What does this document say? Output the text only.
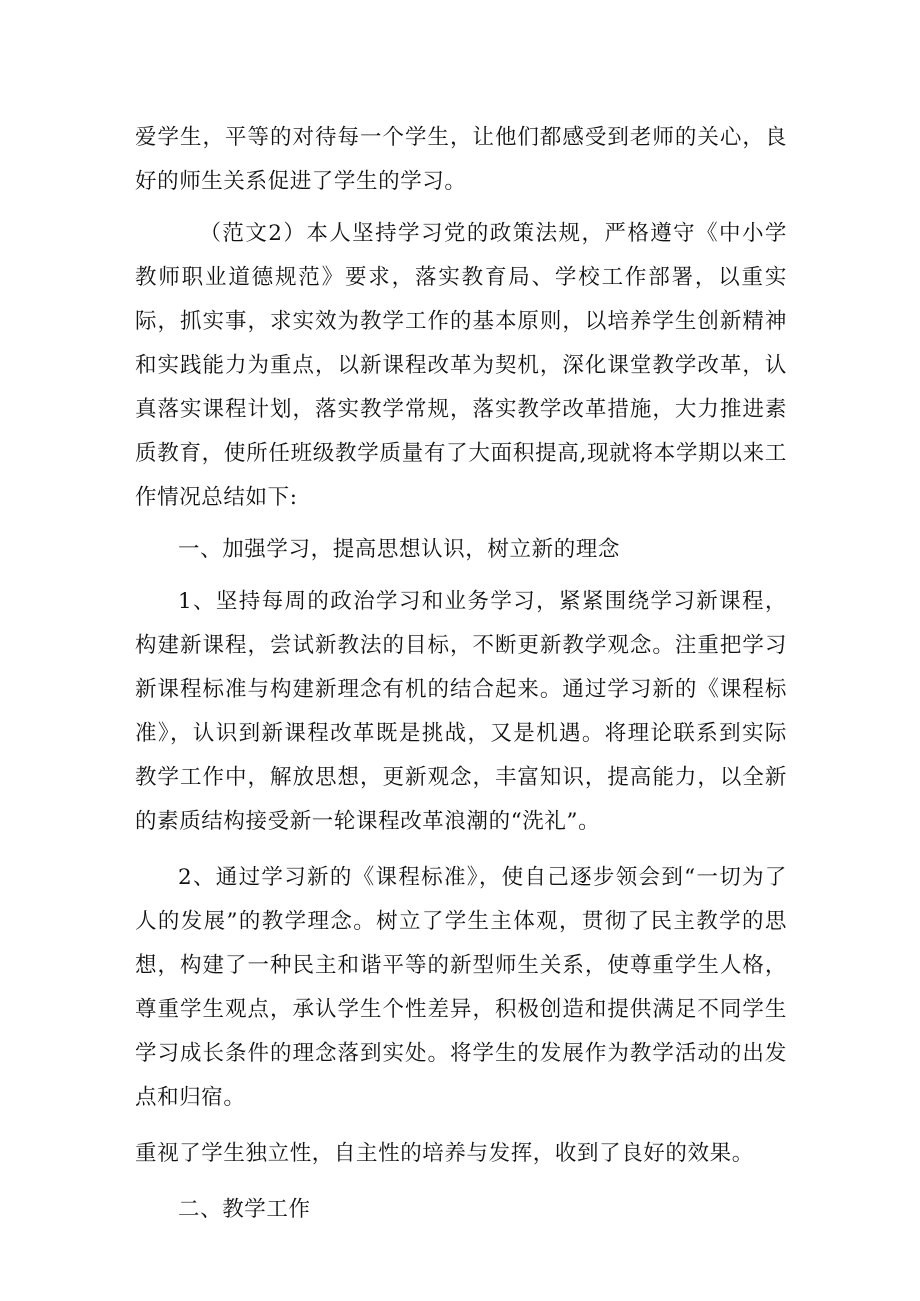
爱学生，平等的对待每一个学生，让他们都感受到老师的关心，良好的师生关系促进了学生的学习。

（范文2）本人坚持学习党的政策法规，严格遵守《中小学教师职业道德规范》要求，落实教育局、学校工作部署，以重实际，抓实事，求实效为教学工作的基本原则，以培养学生创新精神和实践能力为重点，以新课程改革为契机，深化课堂教学改革，认真落实课程计划，落实教学常规，落实教学改革措施，大力推进素质教育，使所任班级教学质量有了大面积提高,现就将本学期以来工作情况总结如下:

一、加强学习，提高思想认识，树立新的理念

1、坚持每周的政治学习和业务学习，紧紧围绕学习新课程，构建新课程，尝试新教法的目标，不断更新教学观念。注重把学习新课程标准与构建新理念有机的结合起来。通过学习新的《课程标准》，认识到新课程改革既是挑战，又是机遇。将理论联系到实际教学工作中，解放思想，更新观念，丰富知识，提高能力，以全新的素质结构接受新一轮课程改革浪潮的“洗礼”。

2、通过学习新的《课程标准》，使自己逐步领会到“一切为了人的发展”的教学理念。树立了学生主体观，贯彻了民主教学的思想，构建了一种民主和谐平等的新型师生关系，使尊重学生人格，尊重学生观点，承认学生个性差异，积极创造和提供满足不同学生学习成长条件的理念落到实处。将学生的发展作为教学活动的出发点和归宿。

重视了学生独立性，自主性的培养与发挥，收到了良好的效果。

二、教学工作
